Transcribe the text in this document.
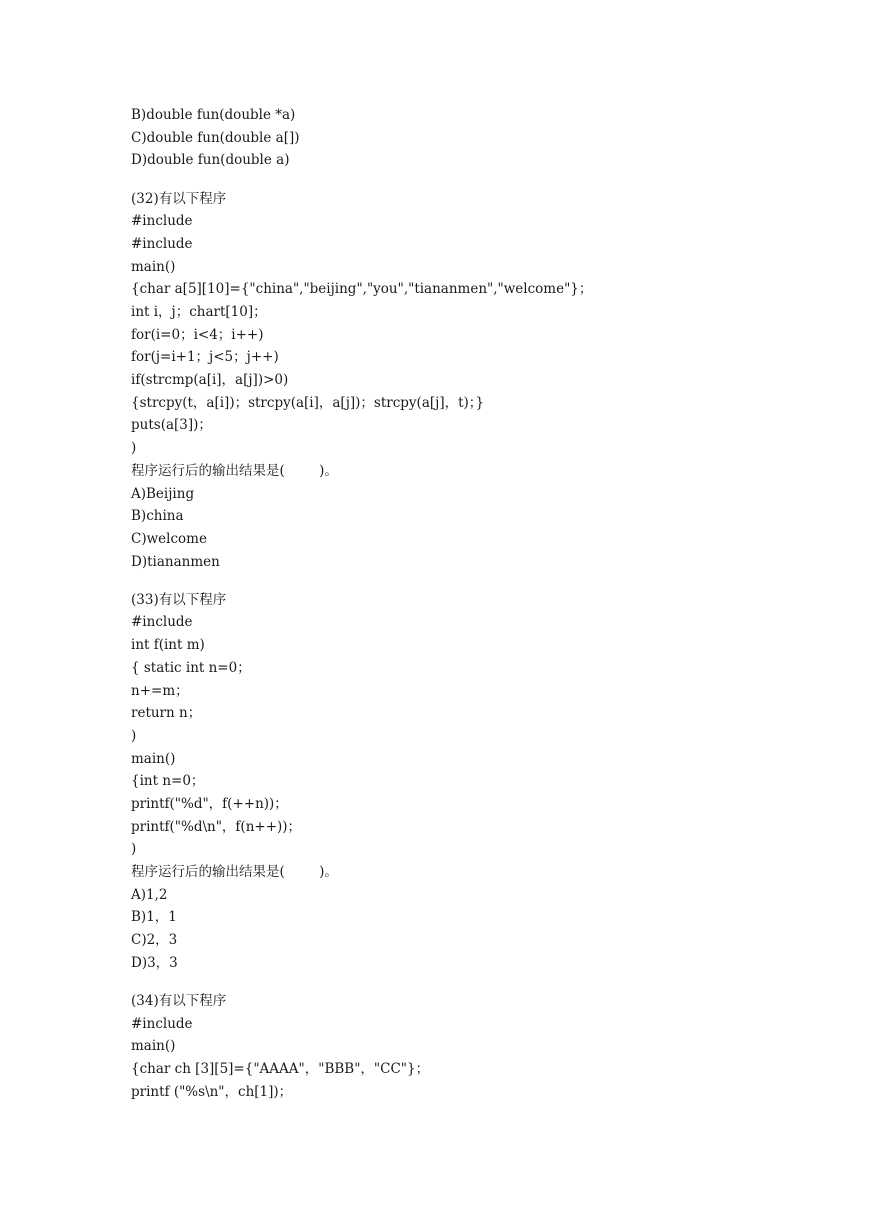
B)double fun(double *a)
C)double fun(double a[])
D)double fun(double a)
(32)有以下程序
#include
#include
main()
{char a[5][10]={"china","beijing","you","tiananmen","welcome"}；
int i，j；chart[10]；
for(i=0；i<4；i++)
for(j=i+1；j<5；j++)
if(strcmp(a[i]，a[j])>0)
{strcpy(t，a[i])；strcpy(a[i]，a[j])；strcpy(a[j]，t)；}
puts(a[3])；
)
程序运行后的输出结果是(        )。
A)Beijing
B)china
C)welcome
D)tiananmen
(33)有以下程序
#include
int f(int m)
{ static int n=0；
n+=m；
return n；
)
main()
{int n=0；
printf("%d"，f(++n))；
printf("%d\n"，f(n++))；
)
程序运行后的输出结果是(        )。
A)1,2
B)1，1
C)2，3
D)3，3
(34)有以下程序
#include
main()
{char ch [3][5]={"AAAA"，"BBB"，"CC"}；
printf ("%s\n"，ch[1])；
